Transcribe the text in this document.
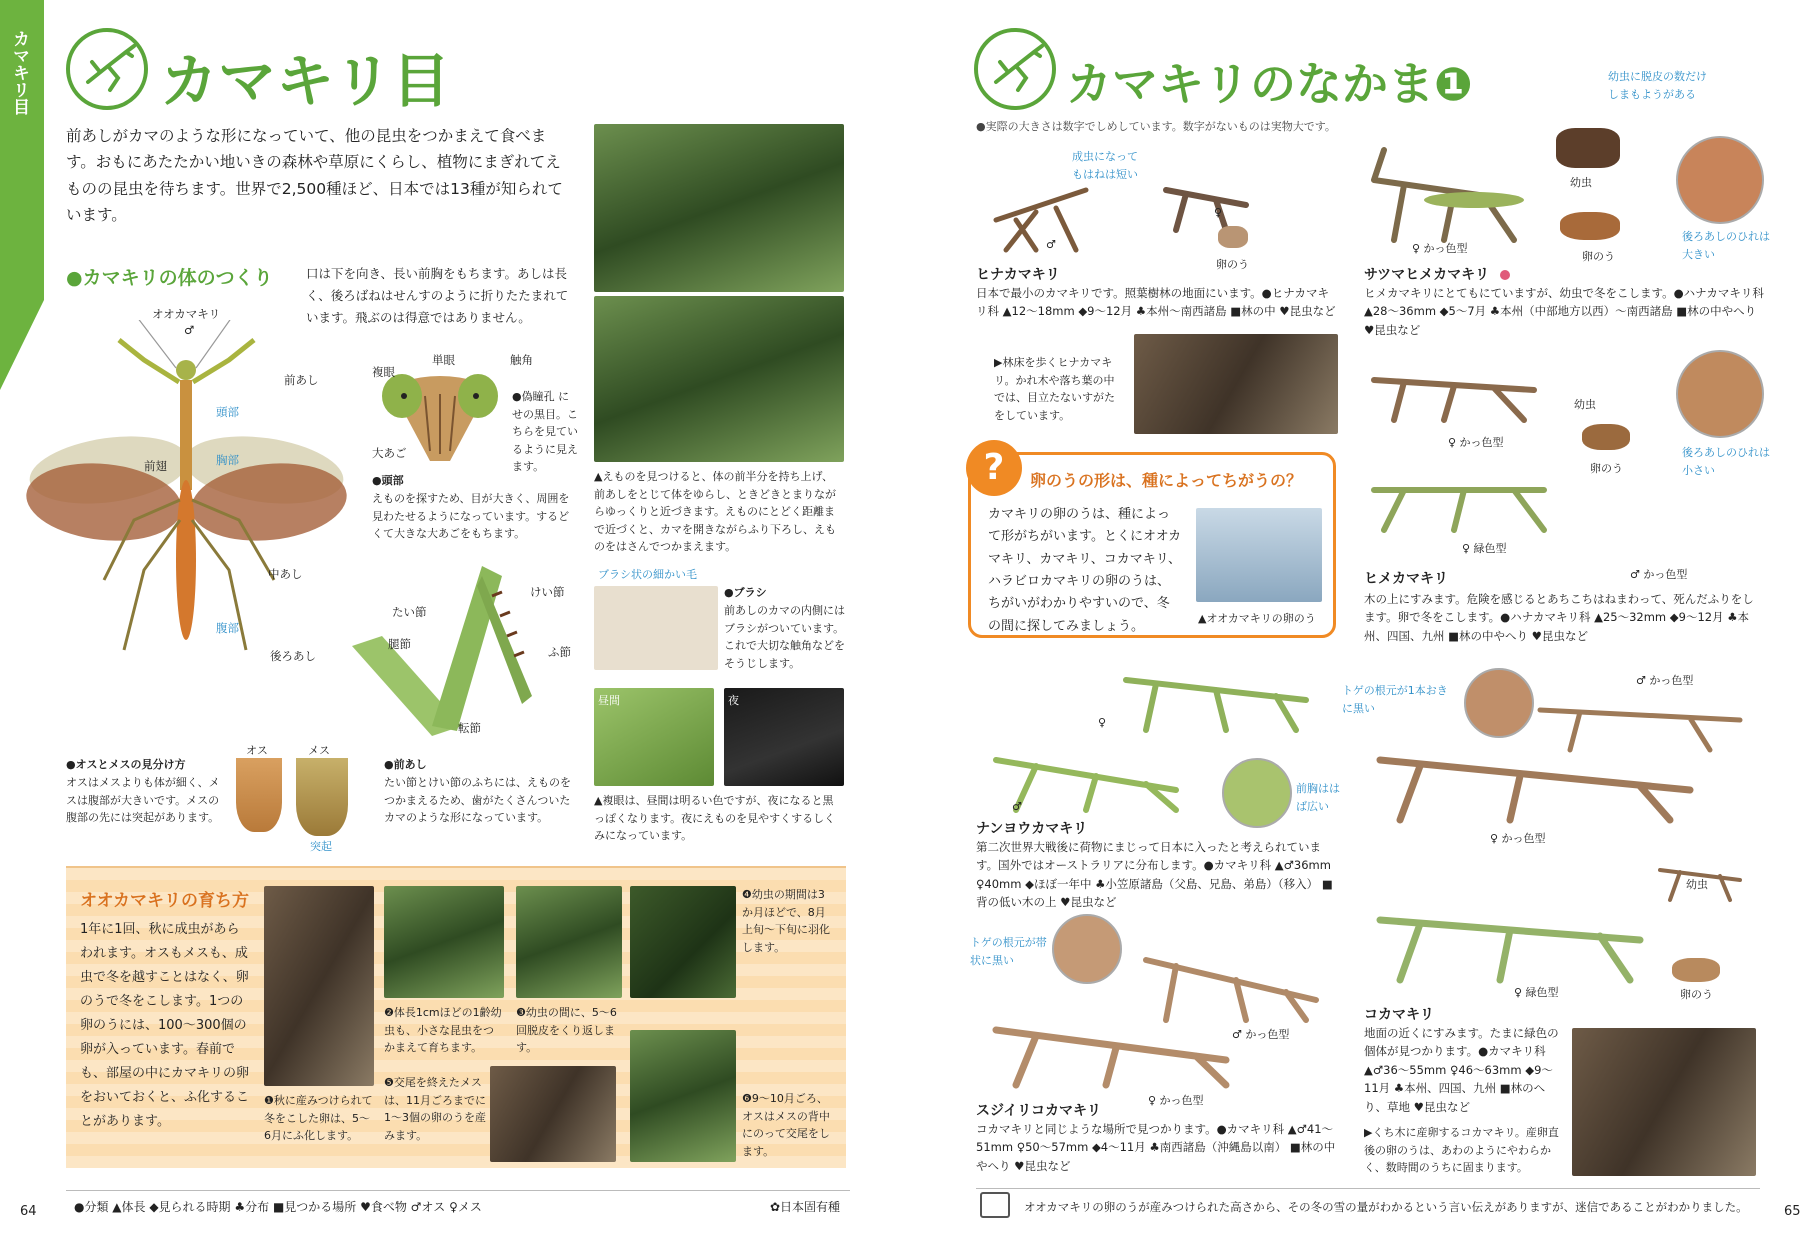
カマキリ目 カマキリ目
前あしがカマのような形になっていて、他の昆虫をつかまえて食べます。おもにあたたかい地いきの森林や草原にくらし、植物にまぎれてえものの昆虫を待ちます。世界で2,500種ほど、日本では13種が知られています。
●カマキリの体のつくり	口は下を向き、長い前胸をもちます。あしは長く、後ろばねはせんすのように折りたたまれています。飛ぶのは得意ではありません。
オオカマキリ
♂
前あし
頭部
前翅	胸部
中あし
腹部
後ろあし
複眼
単眼	触角
大あご
●偽瞳孔 にせの黒目。こちらを見ているように見えます。
●頭部
えものを探すため、目が大きく、周囲を見わたせるようになっています。するどくて大きな大あごをもちます。
たい節
腿節
けい節
ふ節
転節
▲えものを見つけると、体の前半分を持ち上げ、前あしをとじて体をゆらし、ときどきとまりながらゆっくりと近づきます。えものにとどく距離まで近づくと、カマを開きながらふり下ろし、えものをはさんでつかまえます。
ブラシ状の細かい毛
●ブラシ
前あしのカマの内側にはブラシがついています。これで大切な触角などをそうじします。
昼間	夜
▲複眼は、昼間は明るい色ですが、夜になると黒っぽくなります。夜にえものを見やすくするしくみになっています。
●オスとメスの見分け方
オスはメスよりも体が細く、メスは腹部が大きいです。メスの腹部の先には突起があります。
オス	メス
突起
●前あし
たい節とけい節のふちには、えものをつかまえるため、歯がたくさんついたカマのような形になっています。
オオカマキリの育ち方
1年に1回、秋に成虫があらわれます。オスもメスも、成虫で冬を越すことはなく、卵のうで冬をこします。1つの卵のうには、100～300個の卵が入っています。春前でも、部屋の中にカマキリの卵をおいておくと、ふ化することがあります。
❶秋に産みつけられて冬をこした卵は、5～6月にふ化します。
❷体長1cmほどの1齢幼虫も、小さな昆虫をつかまえて育ちます。
❸幼虫の間に、5～6回脱皮をくり返します。
❹幼虫の期間は3か月ほどで、8月上旬～下旬に羽化します。
❺交尾を終えたメスは、11月ごろまでに1～3個の卵のうを産みます。
❻9～10月ごろ、オスはメスの背中にのって交尾をします。
●分類 ▲体長 ◆見られる時期 ♣分布 ■見つかる場所 ♥食べ物 ♂オス ♀メス	✿日本固有種
64
カマキリのなかま❶
●実際の大きさは数字でしめしています。数字がないものは実物大です。
成虫になってもはねは短い
♂
♀
卵のう
ヒナカマキリ
日本で最小のカマキリです。照葉樹林の地面にいます。●ヒナカマキリ科 ▲12～18mm ◆9～12月 ♣本州～南西諸島 ■林の中 ♥昆虫など
▶林床を歩くヒナカマキリ。かれ木や落ち葉の中では、目立たないすがたをしています。
幼虫に脱皮の数だけしまもようがある
幼虫
卵のう
後ろあしのひれは大きい
♀ かっ色型
サツマヒメカマキリ
ヒメカマキリにとてもにていますが、幼虫で冬をこします。●ハナカマキリ科 ▲28～36mm ◆5～7月 ♣本州（中部地方以西）～南西諸島 ■林の中やへり ♥昆虫など
♀ かっ色型
♀ 緑色型
幼虫
卵のう
後ろあしのひれは小さい
♂ かっ色型
ヒメカマキリ
木の上にすみます。危険を感じるとあちこちはねまわって、死んだふりをします。卵で冬をこします。●ハナカマキリ科 ▲25～32mm ◆9～12月 ♣本州、四国、九州 ■林の中やへり ♥昆虫など
?	卵のうの形は、種によってちがうの？
カマキリの卵のうは、種によって形がちがいます。とくにオオカマキリ、カマキリ、コカマキリ、ハラビロカマキリの卵のうは、ちがいがわかりやすいので、冬の間に探してみましょう。
▲オオカマキリの卵のう
♀
♂
前胸ははば広い
ナンヨウカマキリ
第二次世界大戦後に荷物にまじって日本に入ったと考えられています。国外ではオーストラリアに分布します。●カマキリ科 ▲♂36mm ♀40mm ◆ほぼ一年中 ♣小笠原諸島（父島、兄島、弟島）（移入） ■背の低い木の上 ♥昆虫など
トゲの根元が帯状に黒い
♂ かっ色型
♀ かっ色型
スジイリコカマキリ
コカマキリと同じような場所で見つかります。●カマキリ科 ▲♂41～51mm ♀50～57mm ◆4～11月 ♣南西諸島（沖縄島以南） ■林の中やへり ♥昆虫など
トゲの根元が1本おきに黒い
♂ かっ色型
♀ かっ色型
幼虫
♀ 緑色型	卵のう
コカマキリ
地面の近くにすみます。たまに緑色の個体が見つかります。●カマキリ科 ▲♂36～55mm ♀46～63mm ◆9～11月 ♣本州、四国、九州 ■林のへり、草地 ♥昆虫など
▶くち木に産卵するコカマキリ。産卵直後の卵のうは、あわのようにやわらかく、数時間のうちに固まります。
オオカマキリの卵のうが産みつけられた高さから、その冬の雪の量がわかるという言い伝えがありますが、迷信であることがわかりました。	65
